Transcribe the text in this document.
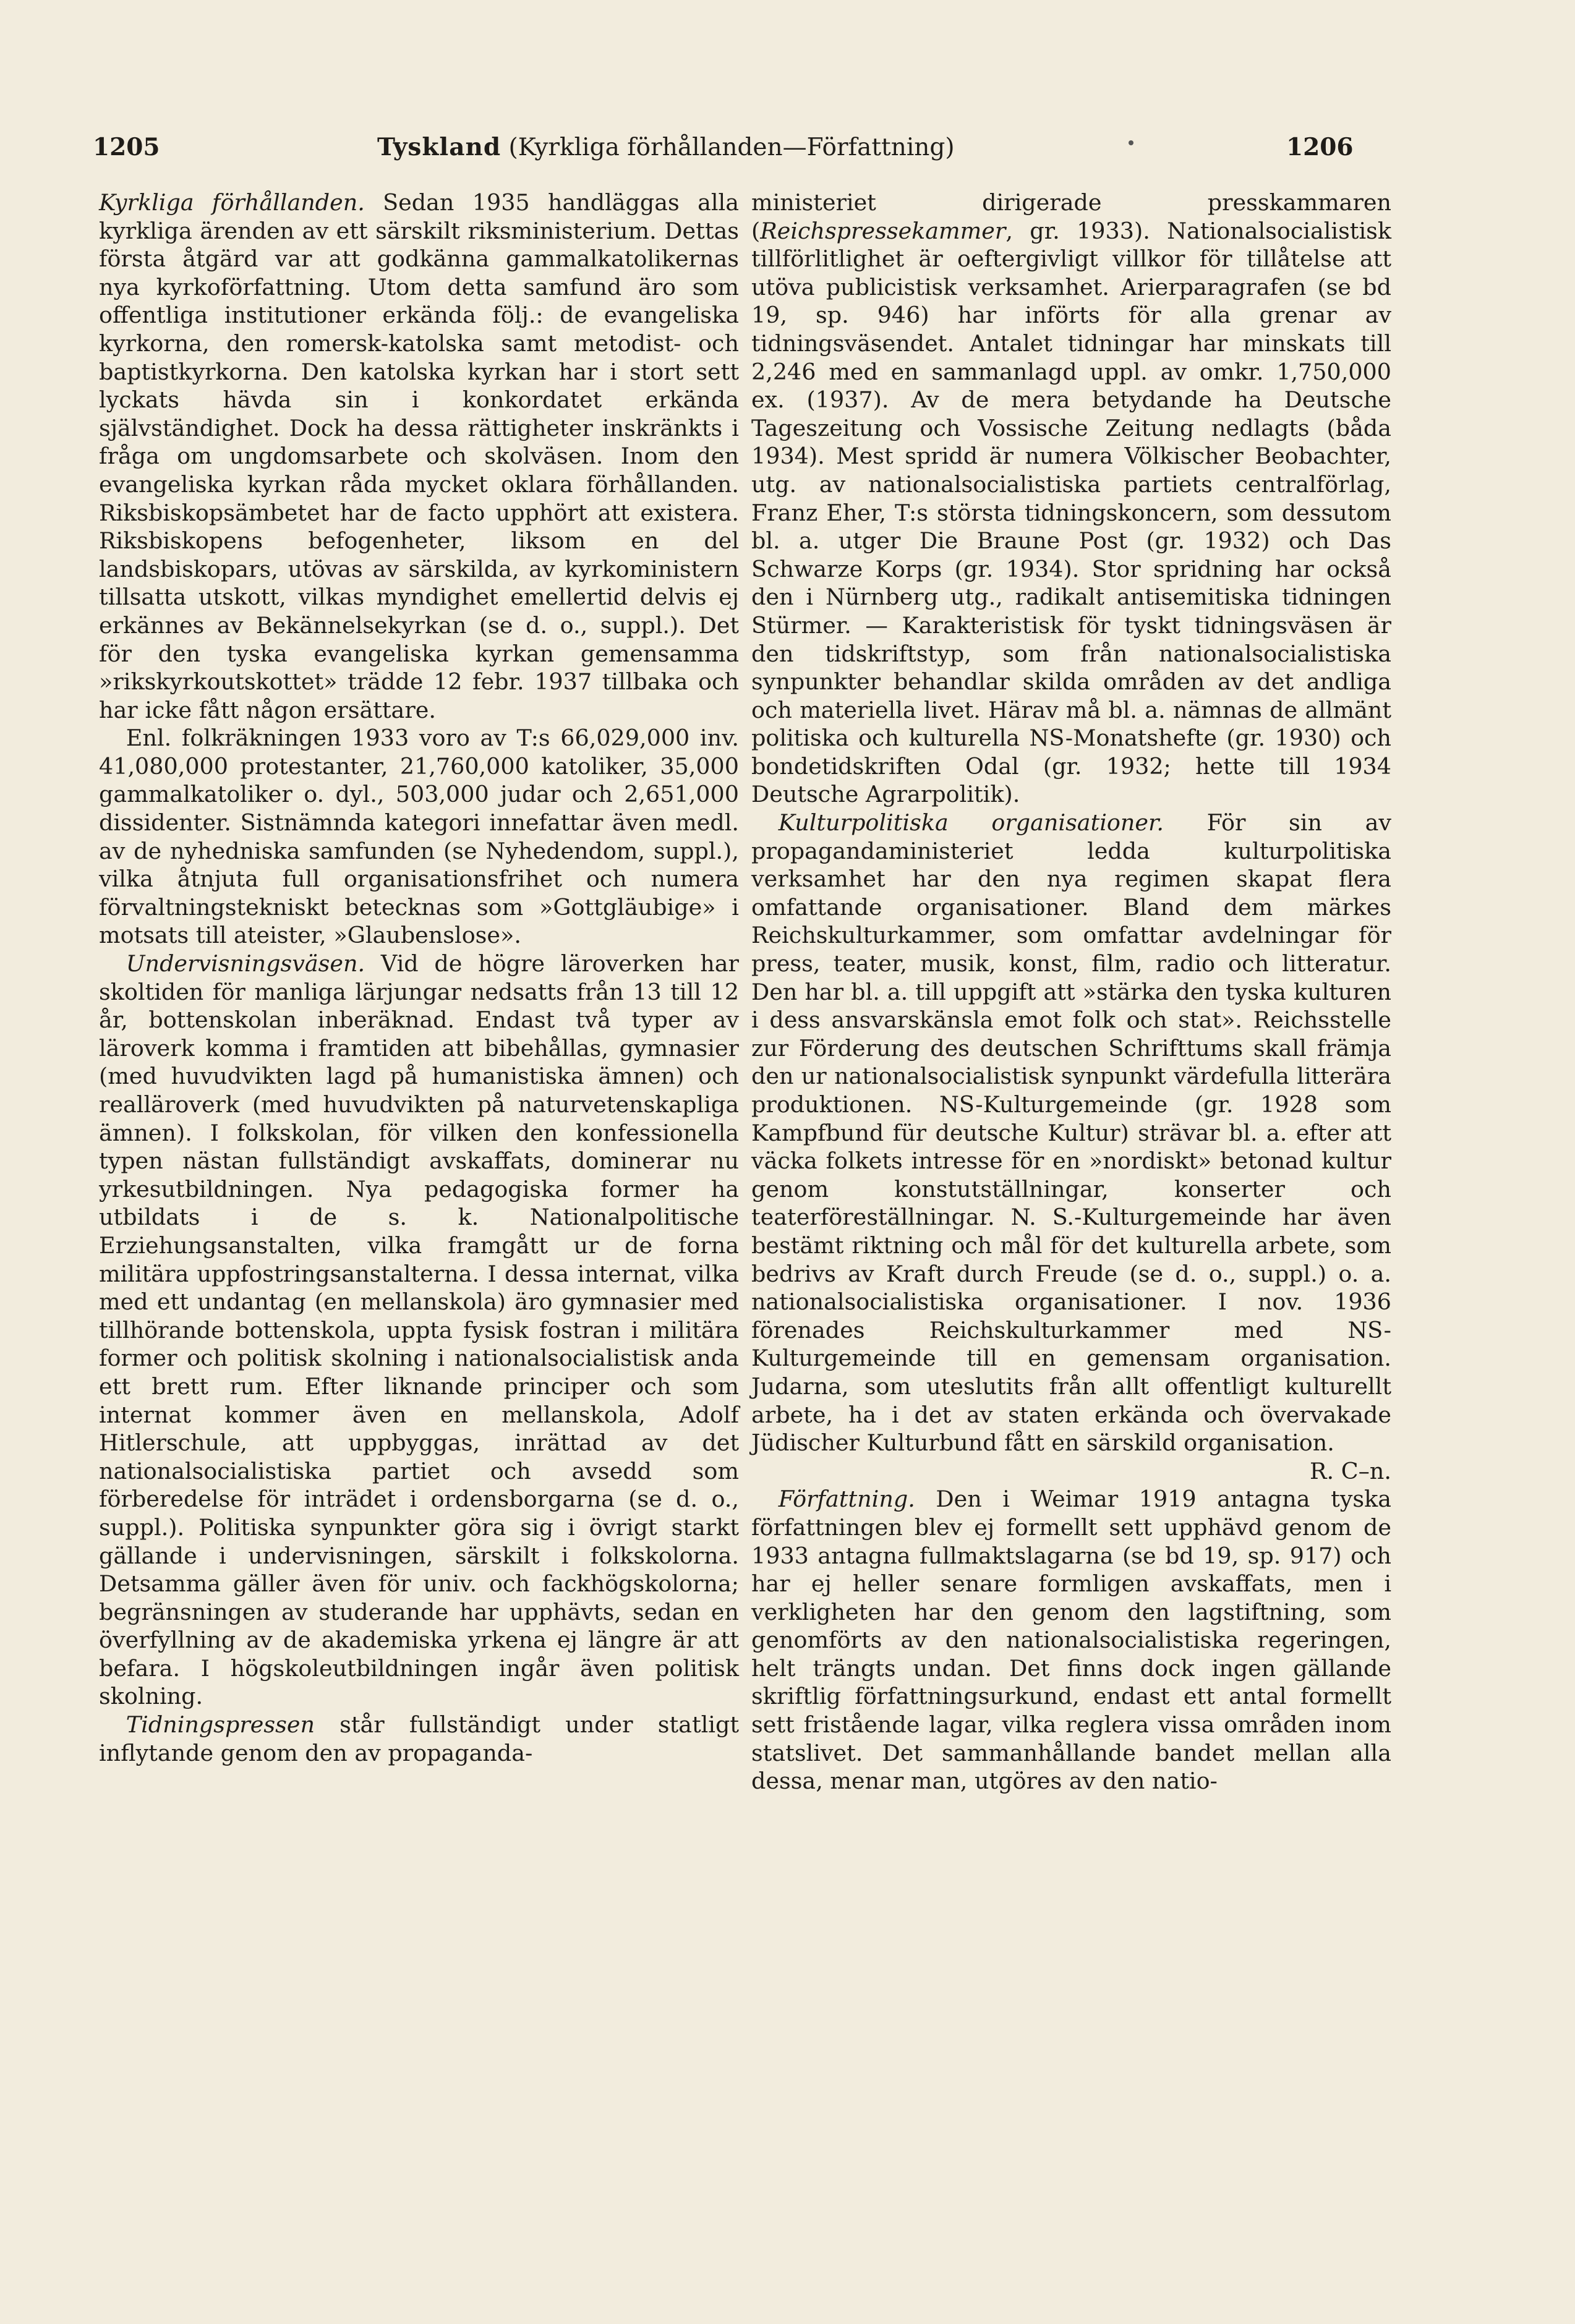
1205	Tyskland (Kyrkliga förhållanden—Författning)	1206

Kyrkliga förhållanden. Sedan 1935 handläggas alla kyrkliga ärenden av ett särskilt riksministerium. Dettas första åtgärd var att godkänna gammalkatolikernas nya kyrkoförfattning. Utom detta samfund äro som offentliga institutioner erkända följ.: de evangeliska kyrkorna, den romersk-katolska samt metodist- och baptistkyrkorna. Den katolska kyrkan har i stort sett lyckats hävda sin i konkordatet erkända självständighet. Dock ha dessa rättigheter inskränkts i fråga om ungdomsarbete och skolväsen. Inom den evangeliska kyrkan råda mycket oklara förhållanden. Riksbiskopsämbetet har de facto upphört att existera. Riksbiskopens befogenheter, liksom en del landsbiskopars, utövas av särskilda, av kyrkoministern tillsatta utskott, vilkas myndighet emellertid delvis ej erkännes av Bekännelsekyrkan (se d. o., suppl.). Det för den tyska evangeliska kyrkan gemensamma »rikskyrkoutskottet» trädde 12 febr. 1937 tillbaka och har icke fått någon ersättare.

Enl. folkräkningen 1933 voro av T:s 66,029,000 inv. 41,080,000 protestanter, 21,760,000 katoliker, 35,000 gammalkatoliker o. dyl., 503,000 judar och 2,651,000 dissidenter. Sistnämnda kategori innefattar även medl. av de nyhedniska samfunden (se Nyhedendom, suppl.), vilka åtnjuta full organisationsfrihet och numera förvaltningstekniskt betecknas som »Gottgläubige» i motsats till ateister, »Glaubenslose».

Undervisningsväsen. Vid de högre läroverken har skoltiden för manliga lärjungar nedsatts från 13 till 12 år, bottenskolan inberäknad. Endast två typer av läroverk komma i framtiden att bibehållas, gymnasier (med huvudvikten lagd på humanistiska ämnen) och realläroverk (med huvudvikten på naturvetenskapliga ämnen). I folkskolan, för vilken den konfessionella typen nästan fullständigt avskaffats, dominerar nu yrkesutbildningen. Nya pedagogiska former ha utbildats i de s. k. Nationalpolitische Erziehungsanstalten, vilka framgått ur de forna militära uppfostringsanstalterna. I dessa internat, vilka med ett undantag (en mellanskola) äro gymnasier med tillhörande bottenskola, uppta fysisk fostran i militära former och politisk skolning i nationalsocialistisk anda ett brett rum. Efter liknande principer och som internat kommer även en mellanskola, Adolf Hitlerschule, att uppbyggas, inrättad av det nationalsocialistiska partiet och avsedd som förberedelse för inträdet i ordensborgarna (se d. o., suppl.). Politiska synpunkter göra sig i övrigt starkt gällande i undervisningen, särskilt i folkskolorna. Detsamma gäller även för univ. och fackhögskolorna; begränsningen av studerande har upphävts, sedan en överfyllning av de akademiska yrkena ej längre är att befara. I högskoleutbildningen ingår även politisk skolning.

Tidningspressen står fullständigt under statligt inflytande genom den av propaganda-

ministeriet dirigerade presskammaren (Reichspressekammer, gr. 1933). Nationalsocialistisk tillförlitlighet är oeftergivligt villkor för tillåtelse att utöva publicistisk verksamhet. Arierparagrafen (se bd 19, sp. 946) har införts för alla grenar av tidningsväsendet. Antalet tidningar har minskats till 2,246 med en sammanlagd uppl. av omkr. 1,750,000 ex. (1937). Av de mera betydande ha Deutsche Tageszeitung och Vossische Zeitung nedlagts (båda 1934). Mest spridd är numera Völkischer Beobachter, utg. av nationalsocialistiska partiets centralförlag, Franz Eher, T:s största tidningskoncern, som dessutom bl. a. utger Die Braune Post (gr. 1932) och Das Schwarze Korps (gr. 1934). Stor spridning har också den i Nürnberg utg., radikalt antisemitiska tidningen Stürmer. — Karakteristisk för tyskt tidningsväsen är den tidskriftstyp, som från nationalsocialistiska synpunkter behandlar skilda områden av det andliga och materiella livet. Härav må bl. a. nämnas de allmänt politiska och kulturella NS-Monatshefte (gr. 1930) och bondetidskriften Odal (gr. 1932; hette till 1934 Deutsche Agrarpolitik).

Kulturpolitiska organisationer. För sin av propagandaministeriet ledda kulturpolitiska verksamhet har den nya regimen skapat flera omfattande organisationer. Bland dem märkes Reichskulturkammer, som omfattar avdelningar för press, teater, musik, konst, film, radio och litteratur. Den har bl. a. till uppgift att »stärka den tyska kulturen i dess ansvarskänsla emot folk och stat». Reichsstelle zur Förderung des deutschen Schrifttums skall främja den ur nationalsocialistisk synpunkt värdefulla litterära produktionen. NS-Kulturgemeinde (gr. 1928 som Kampfbund für deutsche Kultur) strävar bl. a. efter att väcka folkets intresse för en »nordiskt» betonad kultur genom konstutställningar, konserter och teaterföreställningar. N. S.-Kulturgemeinde har även bestämt riktning och mål för det kulturella arbete, som bedrivs av Kraft durch Freude (se d. o., suppl.) o. a. nationalsocialistiska organisationer. I nov. 1936 förenades Reichskulturkammer med NS-Kulturgemeinde till en gemensam organisation. Judarna, som uteslutits från allt offentligt kulturellt arbete, ha i det av staten erkända och övervakade Jüdischer Kulturbund fått en särskild organisation.

R. C–n.

Författning. Den i Weimar 1919 antagna tyska författningen blev ej formellt sett upphävd genom de 1933 antagna fullmaktslagarna (se bd 19, sp. 917) och har ej heller senare formligen avskaffats, men i verkligheten har den genom den lagstiftning, som genomförts av den nationalsocialistiska regeringen, helt trängts undan. Det finns dock ingen gällande skriftlig författningsurkund, endast ett antal formellt sett fristående lagar, vilka reglera vissa områden inom statslivet. Det sammanhållande bandet mellan alla dessa, menar man, utgöres av den natio-
